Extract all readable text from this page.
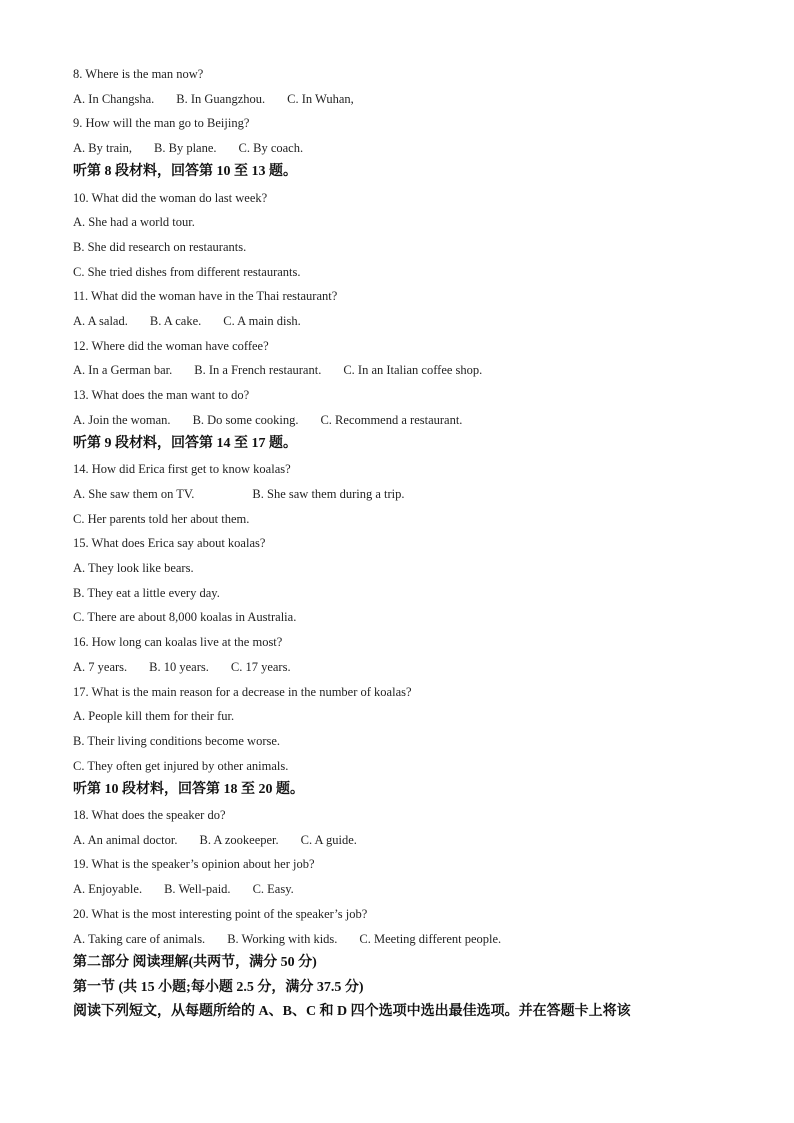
8. Where is the man now?
A. In Changsha. B. In Guangzhou. C. In Wuhan,
9. How will the man go to Beijing?
A. By train, B. By plane. C. By coach.
听第 8 段材料，回答第 10 至 13 题。
10. What did the woman do last week?
A. She had a world tour.
B. She did research on restaurants.
C. She tried dishes from different restaurants.
11. What did the woman have in the Thai restaurant?
A. A salad. B. A cake. C. A main dish.
12. Where did the woman have coffee?
A. In a German bar. B. In a French restaurant. C. In an Italian coffee shop.
13. What does the man want to do?
A. Join the woman. B. Do some cooking. C. Recommend a restaurant.
听第 9 段材料，回答第 14 至 17 题。
14. How did Erica first get to know koalas?
A. She saw them on TV.	B. She saw them during a trip.
C. Her parents told her about them.
15. What does Erica say about koalas?
A. They look like bears.
B. They eat a little every day.
C. There are about 8,000 koalas in Australia.
16. How long can koalas live at the most?
A. 7 years. B. 10 years. C. 17 years.
17. What is the main reason for a decrease in the number of koalas?
A. People kill them for their fur.
B. Their living conditions become worse.
C. They often get injured by other animals.
听第 10 段材料，回答第 18 至 20 题。
18. What does the speaker do?
A. An animal doctor. B. A zookeeper. C. A guide.
19. What is the speaker’s opinion about her job?
A. Enjoyable. B. Well-paid. C. Easy.
20. What is the most interesting point of the speaker’s job?
A. Taking care of animals. B. Working with kids. C. Meeting different people.
第二部分 阅读理解(共两节，满分 50 分)
第一节 (共 15 小题;每小题 2.5 分，满分 37.5 分)
阅读下列短文，从每题所给的 A、B、C 和 D 四个选项中选出最佳选项。并在答题卡上将该
